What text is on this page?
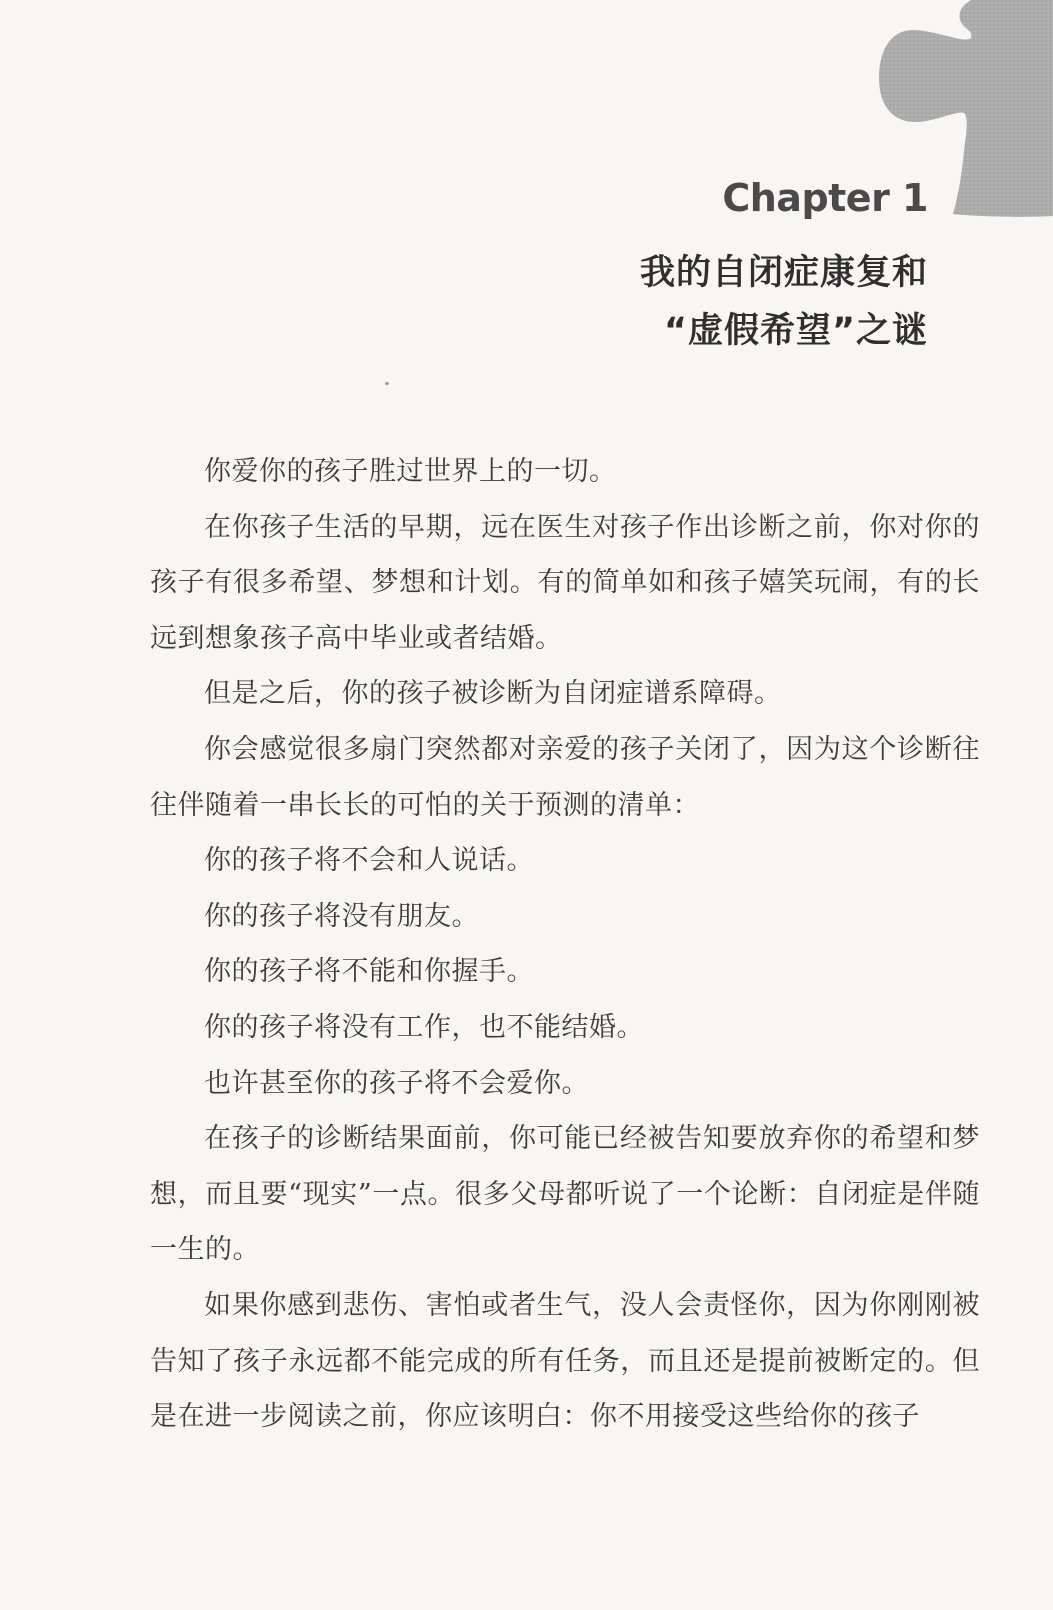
Chapter 1
我的自闭症康复和
“虚假希望”之谜

你爱你的孩子胜过世界上的一切。

在你孩子生活的早期，远在医生对孩子作出诊断之前，你对你的孩子有很多希望、梦想和计划。有的简单如和孩子嬉笑玩闹，有的长远到想象孩子高中毕业或者结婚。

但是之后，你的孩子被诊断为自闭症谱系障碍。

你会感觉很多扇门突然都对亲爱的孩子关闭了，因为这个诊断往往伴随着一串长长的可怕的关于预测的清单：

你的孩子将不会和人说话。

你的孩子将没有朋友。

你的孩子将不能和你握手。

你的孩子将没有工作，也不能结婚。

也许甚至你的孩子将不会爱你。

在孩子的诊断结果面前，你可能已经被告知要放弃你的希望和梦想，而且要“现实”一点。很多父母都听说了一个论断：自闭症是伴随一生的。

如果你感到悲伤、害怕或者生气，没人会责怪你，因为你刚刚被告知了孩子永远都不能完成的所有任务，而且还是提前被断定的。但是在进一步阅读之前，你应该明白：你不用接受这些给你的孩子
